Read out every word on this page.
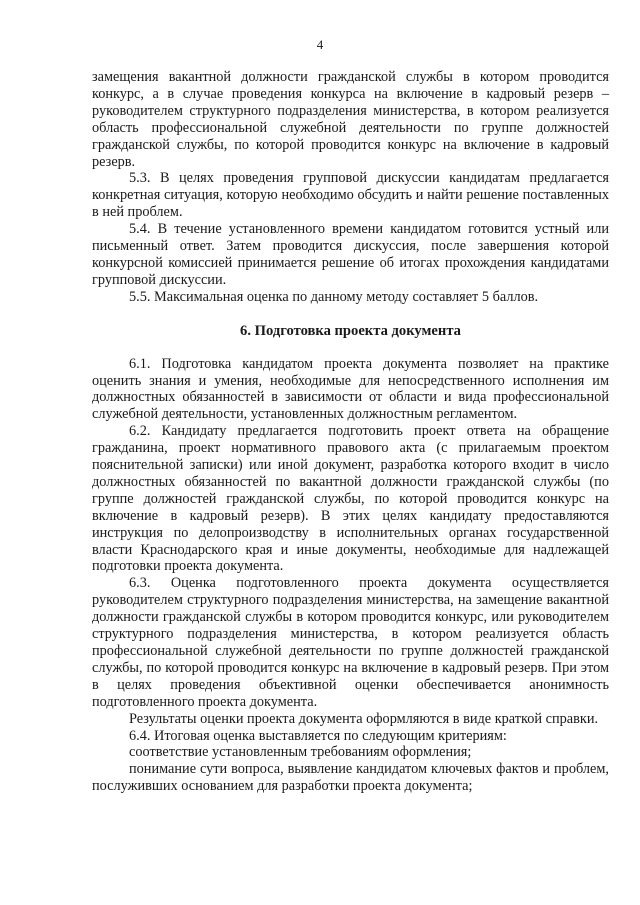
4

замещения вакантной должности гражданской службы в котором проводится конкурс, а в случае проведения конкурса на включение в кадровый резерв – руководителем структурного подразделения министерства, в котором реализуется область профессиональной служебной деятельности по группе должностей гражданской службы, по которой проводится конкурс на включение в кадровый резерв.

5.3. В целях проведения групповой дискуссии кандидатам предлагается конкретная ситуация, которую необходимо обсудить и найти решение поставленных в ней проблем.

5.4. В течение установленного времени кандидатом готовится устный или письменный ответ. Затем проводится дискуссия, после завершения которой конкурсной комиссией принимается решение об итогах прохождения кандидатами групповой дискуссии.

5.5. Максимальная оценка по данному методу составляет 5 баллов.

6. Подготовка проекта документа

6.1. Подготовка кандидатом проекта документа позволяет на практике оценить знания и умения, необходимые для непосредственного исполнения им должностных обязанностей в зависимости от области и вида профессиональной служебной деятельности, установленных должностным регламентом.

6.2. Кандидату предлагается подготовить проект ответа на обращение гражданина, проект нормативного правового акта (с прилагаемым проектом пояснительной записки) или иной документ, разработка которого входит в число должностных обязанностей по вакантной должности гражданской службы (по группе должностей гражданской службы, по которой проводится конкурс на включение в кадровый резерв). В этих целях кандидату предоставляются инструкция по делопроизводству в исполнительных органах государственной власти Краснодарского края и иные документы, необходимые для надлежащей подготовки проекта документа.

6.3. Оценка подготовленного проекта документа осуществляется руководителем структурного подразделения министерства, на замещение вакантной должности гражданской службы в котором проводится конкурс, или руководителем структурного подразделения министерства, в котором реализуется область профессиональной служебной деятельности по группе должностей гражданской службы, по которой проводится конкурс на включение в кадровый резерв. При этом в целях проведения объективной оценки обеспечивается анонимность подготовленного проекта документа.

Результаты оценки проекта документа оформляются в виде краткой справки.

6.4. Итоговая оценка выставляется по следующим критериям:

соответствие установленным требованиям оформления;

понимание сути вопроса, выявление кандидатом ключевых фактов и проблем, послуживших основанием для разработки проекта документа;
